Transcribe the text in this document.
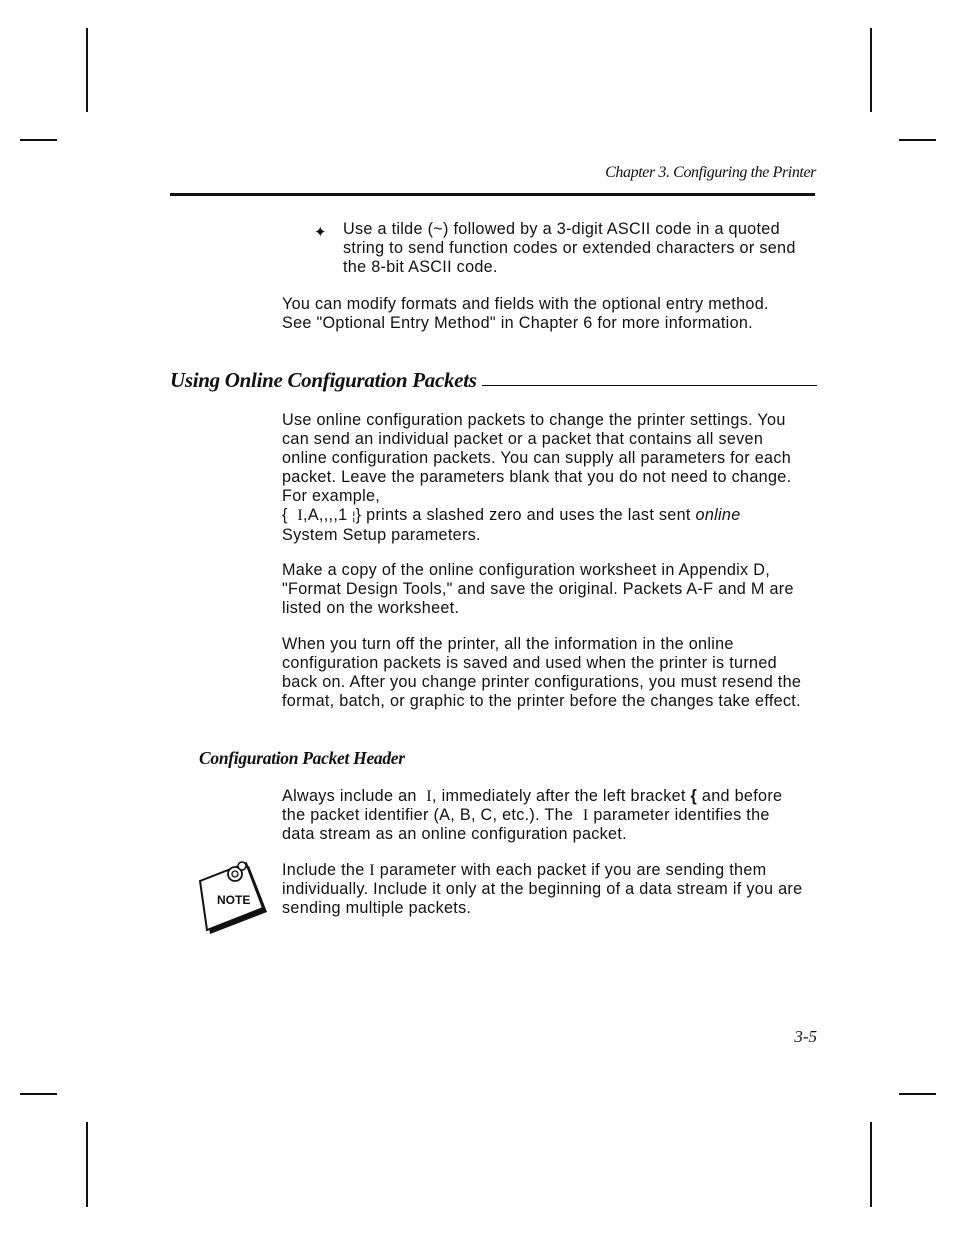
Chapter 3. Configuring the Printer
✦ Use a tilde (~) followed by a 3-digit ASCII code in a quoted string to send function codes or extended characters or send the 8-bit ASCII code.

You can modify formats and fields with the optional entry method. See "Optional Entry Method" in Chapter 6 for more information.

Using Online Configuration Packets

Use online configuration packets to change the printer settings. You can send an individual packet or a packet that contains all seven online configuration packets. You can supply all parameters for each packet. Leave the parameters blank that you do not need to change. For example,
{ I,A,,,,1 ¦} prints a slashed zero and uses the last sent online
System Setup parameters.

Make a copy of the online configuration worksheet in Appendix D, "Format Design Tools," and save the original. Packets A-F and M are listed on the worksheet.

When you turn off the printer, all the information in the online configuration packets is saved and used when the printer is turned back on. After you change printer configurations, you must resend the format, batch, or graphic to the printer before the changes take effect.

Configuration Packet Header

Always include an  I, immediately after the left bracket { and before the packet identifier (A, B, C, etc.). The  I parameter identifies the data stream as an online configuration packet.

NOTE

Include the I parameter with each packet if you are sending them individually. Include it only at the beginning of a data stream if you are sending multiple packets.

3-5
